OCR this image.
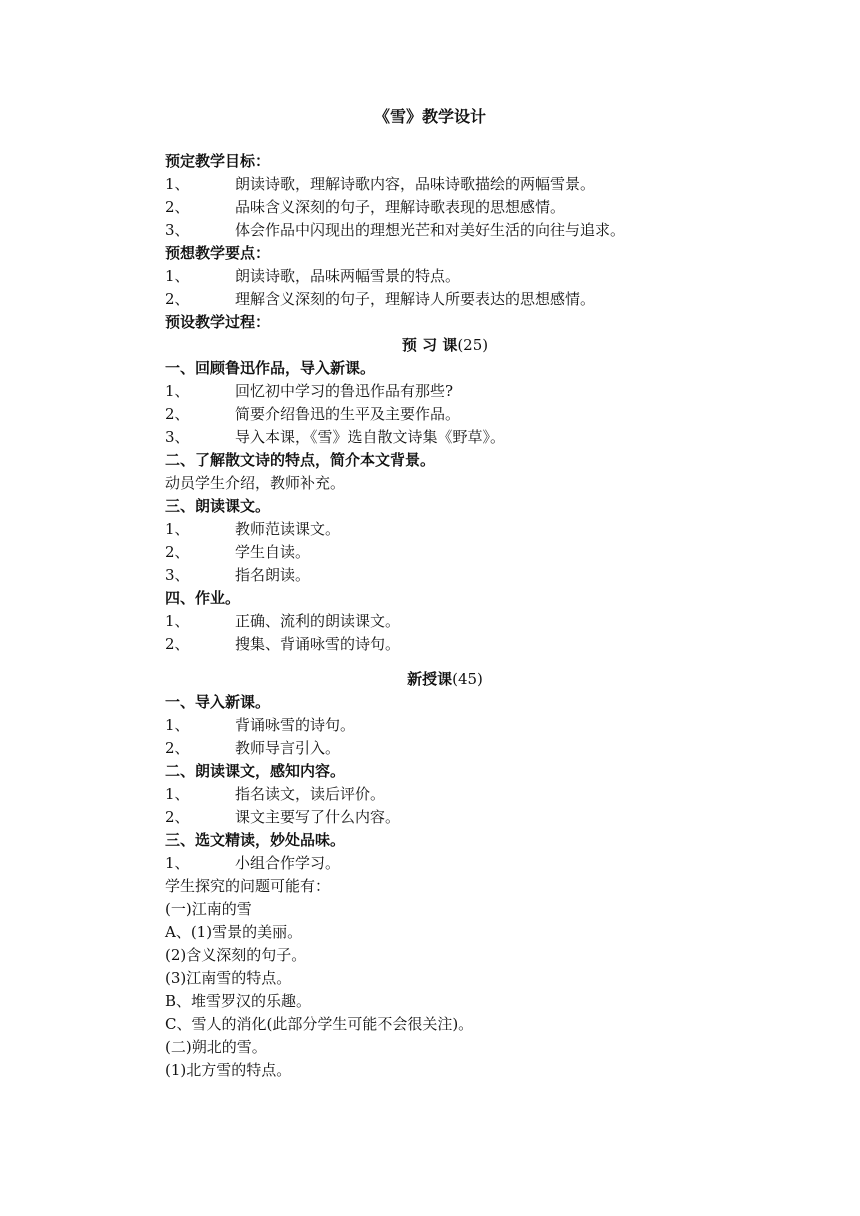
《雪》教学设计
预定教学目标：
1、	朗读诗歌，理解诗歌内容，品味诗歌描绘的两幅雪景。
2、	品味含义深刻的句子，理解诗歌表现的思想感情。
3、	体会作品中闪现出的理想光芒和对美好生活的向往与追求。
预想教学要点：
1、	朗读诗歌，品味两幅雪景的特点。
2、	理解含义深刻的句子，理解诗人所要表达的思想感情。
预设教学过程：
预 习 课(25)
一、回顾鲁迅作品，导入新课。
1、	回忆初中学习的鲁迅作品有那些?
2、	简要介绍鲁迅的生平及主要作品。
3、	导入本课，《雪》选自散文诗集《野草》。
二、了解散文诗的特点，简介本文背景。
动员学生介绍，教师补充。
三、朗读课文。
1、	教师范读课文。
2、	学生自读。
3、	指名朗读。
四、作业。
1、	正确、流利的朗读课文。
2、	搜集、背诵咏雪的诗句。
新授课(45)
一、导入新课。
1、	背诵咏雪的诗句。
2、	教师导言引入。
二、朗读课文，感知内容。
1、	指名读文，读后评价。
2、	课文主要写了什么内容。
三、选文精读，妙处品味。
1、	小组合作学习。
学生探究的问题可能有：
(一)江南的雪
A、(1)雪景的美丽。
(2)含义深刻的句子。
(3)江南雪的特点。
B、堆雪罗汉的乐趣。
C、雪人的消化(此部分学生可能不会很关注)。
(二)朔北的雪。
(1)北方雪的特点。
